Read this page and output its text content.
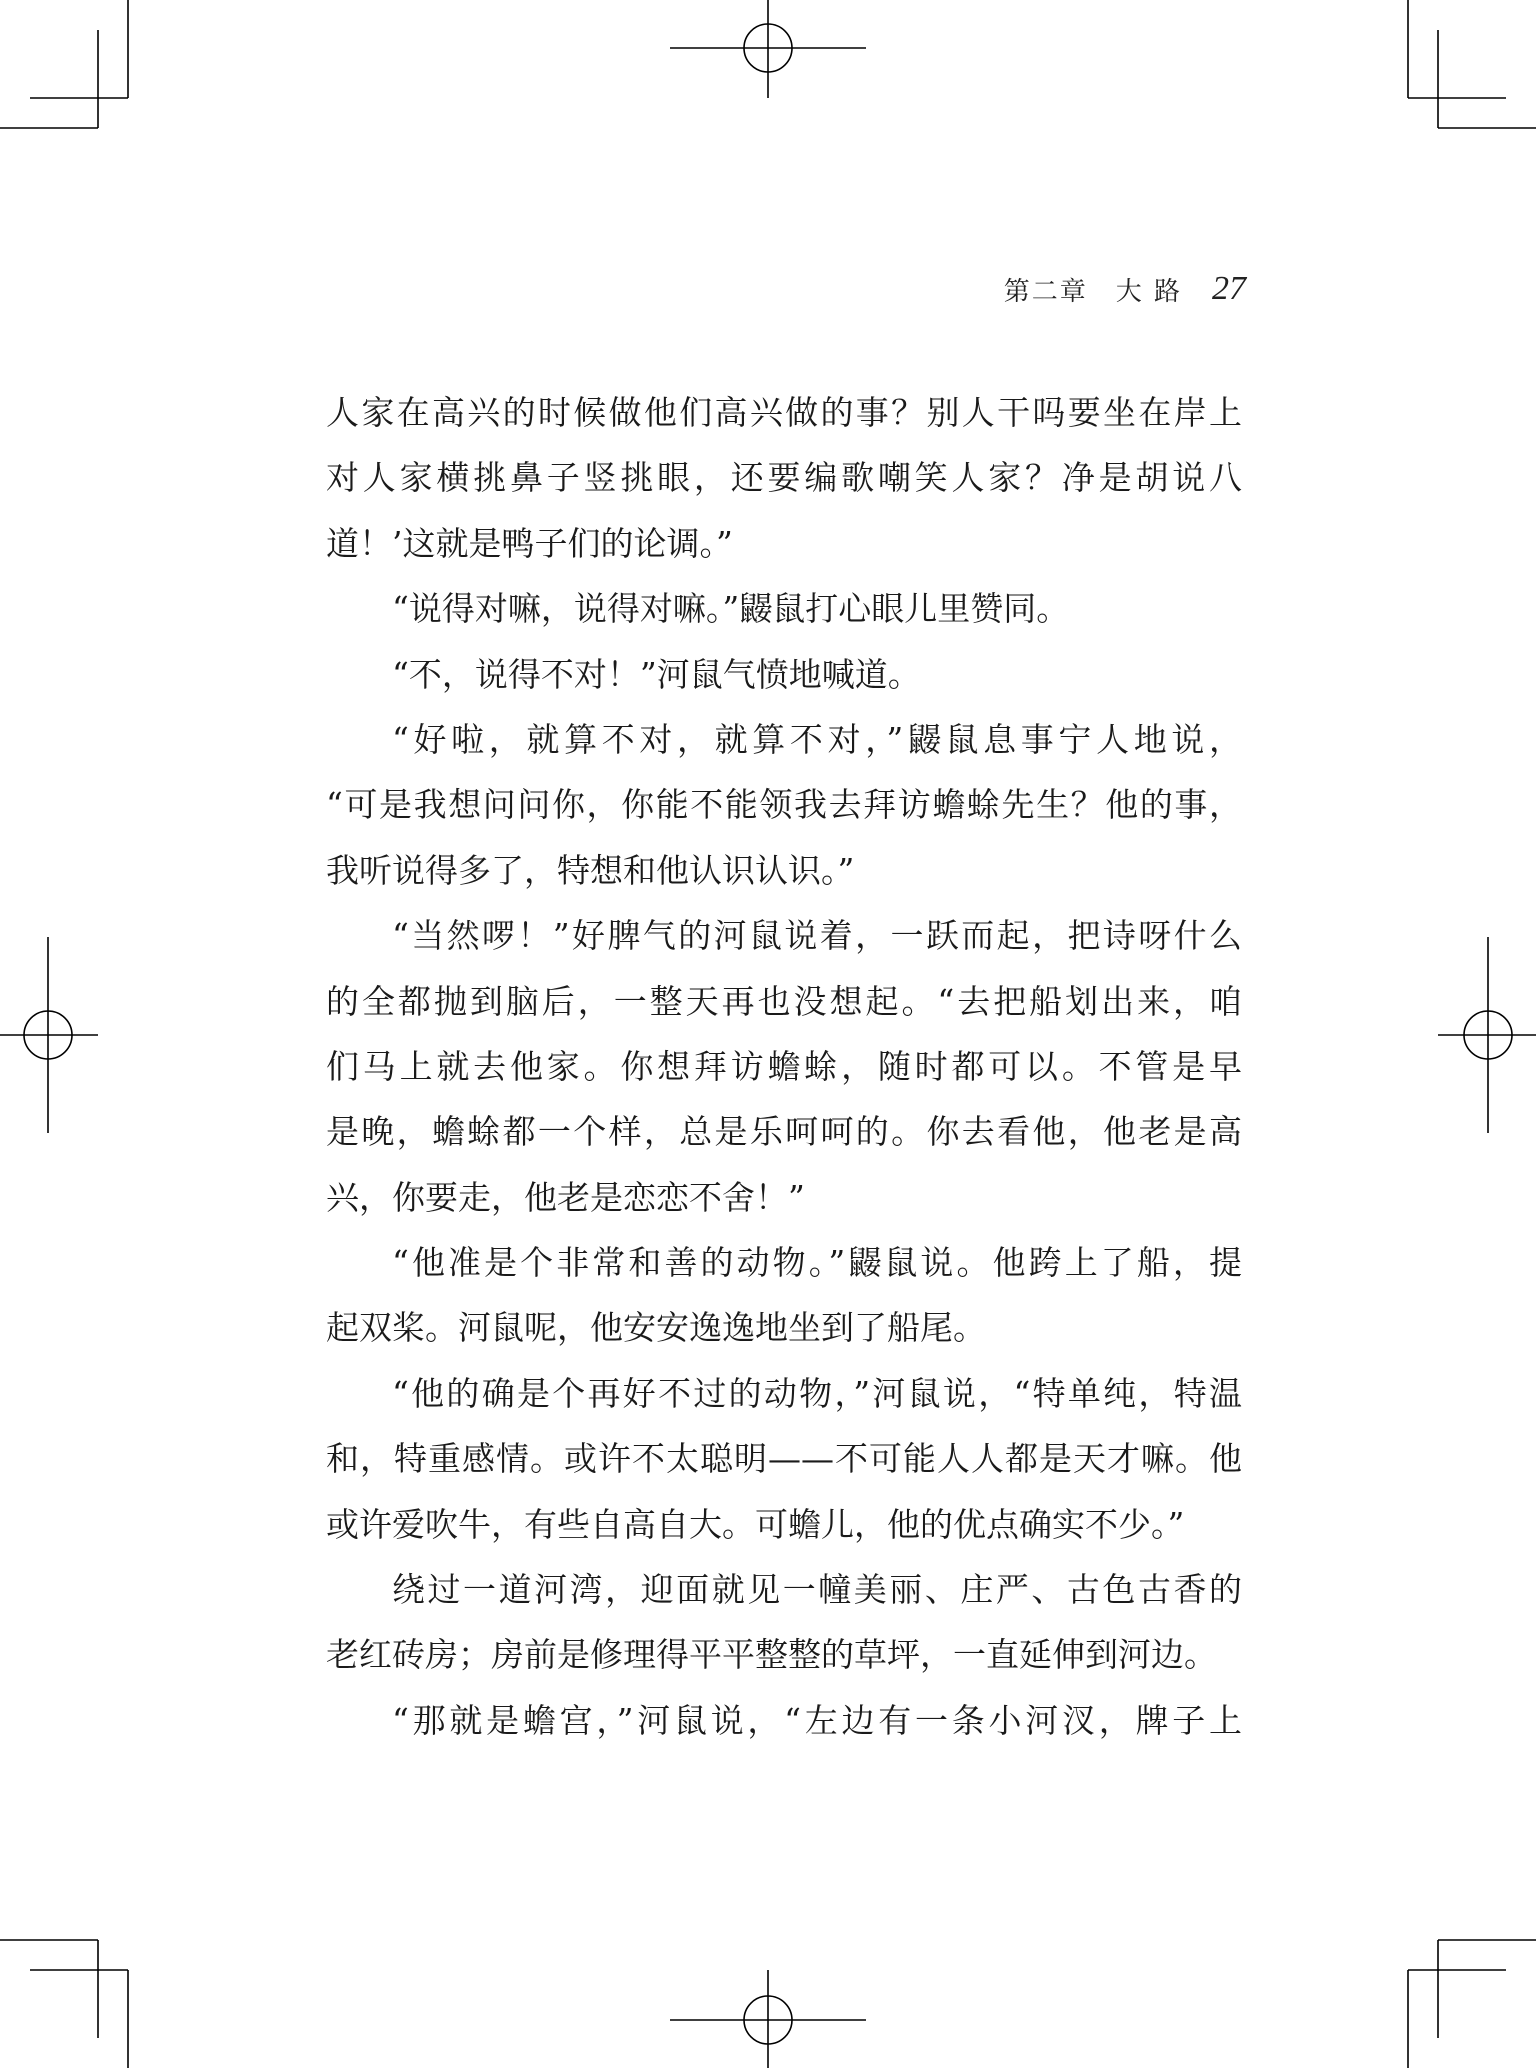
第二章　大 路 27
人家在高兴的时候做他们高兴做的事？别人干吗要坐在岸上
对人家横挑鼻子竖挑眼，还要编歌嘲笑人家？净是胡说八
道！’这就是鸭子们的论调。”
“说得对嘛，说得对嘛。”鼹鼠打心眼儿里赞同。
“不，说得不对！”河鼠气愤地喊道。
“好啦，就算不对，就算不对，”鼹鼠息事宁人地说，
“可是我想问问你，你能不能领我去拜访蟾蜍先生？他的事，
我听说得多了，特想和他认识认识。”
“当然啰！”好脾气的河鼠说着，一跃而起，把诗呀什么
的全都抛到脑后，一整天再也没想起。“去把船划出来，咱
们马上就去他家。你想拜访蟾蜍，随时都可以。不管是早
是晚，蟾蜍都一个样，总是乐呵呵的。你去看他，他老是高
兴，你要走，他老是恋恋不舍！”
“他准是个非常和善的动物。”鼹鼠说。他跨上了船，提
起双桨。河鼠呢，他安安逸逸地坐到了船尾。
“他的确是个再好不过的动物，”河鼠说，“特单纯，特温
和，特重感情。或许不太聪明——不可能人人都是天才嘛。他
或许爱吹牛，有些自高自大。可蟾儿，他的优点确实不少。”
绕过一道河湾，迎面就见一幢美丽、庄严、古色古香的
老红砖房；房前是修理得平平整整的草坪，一直延伸到河边。
“那就是蟾宫，”河鼠说，“左边有一条小河汊，牌子上
